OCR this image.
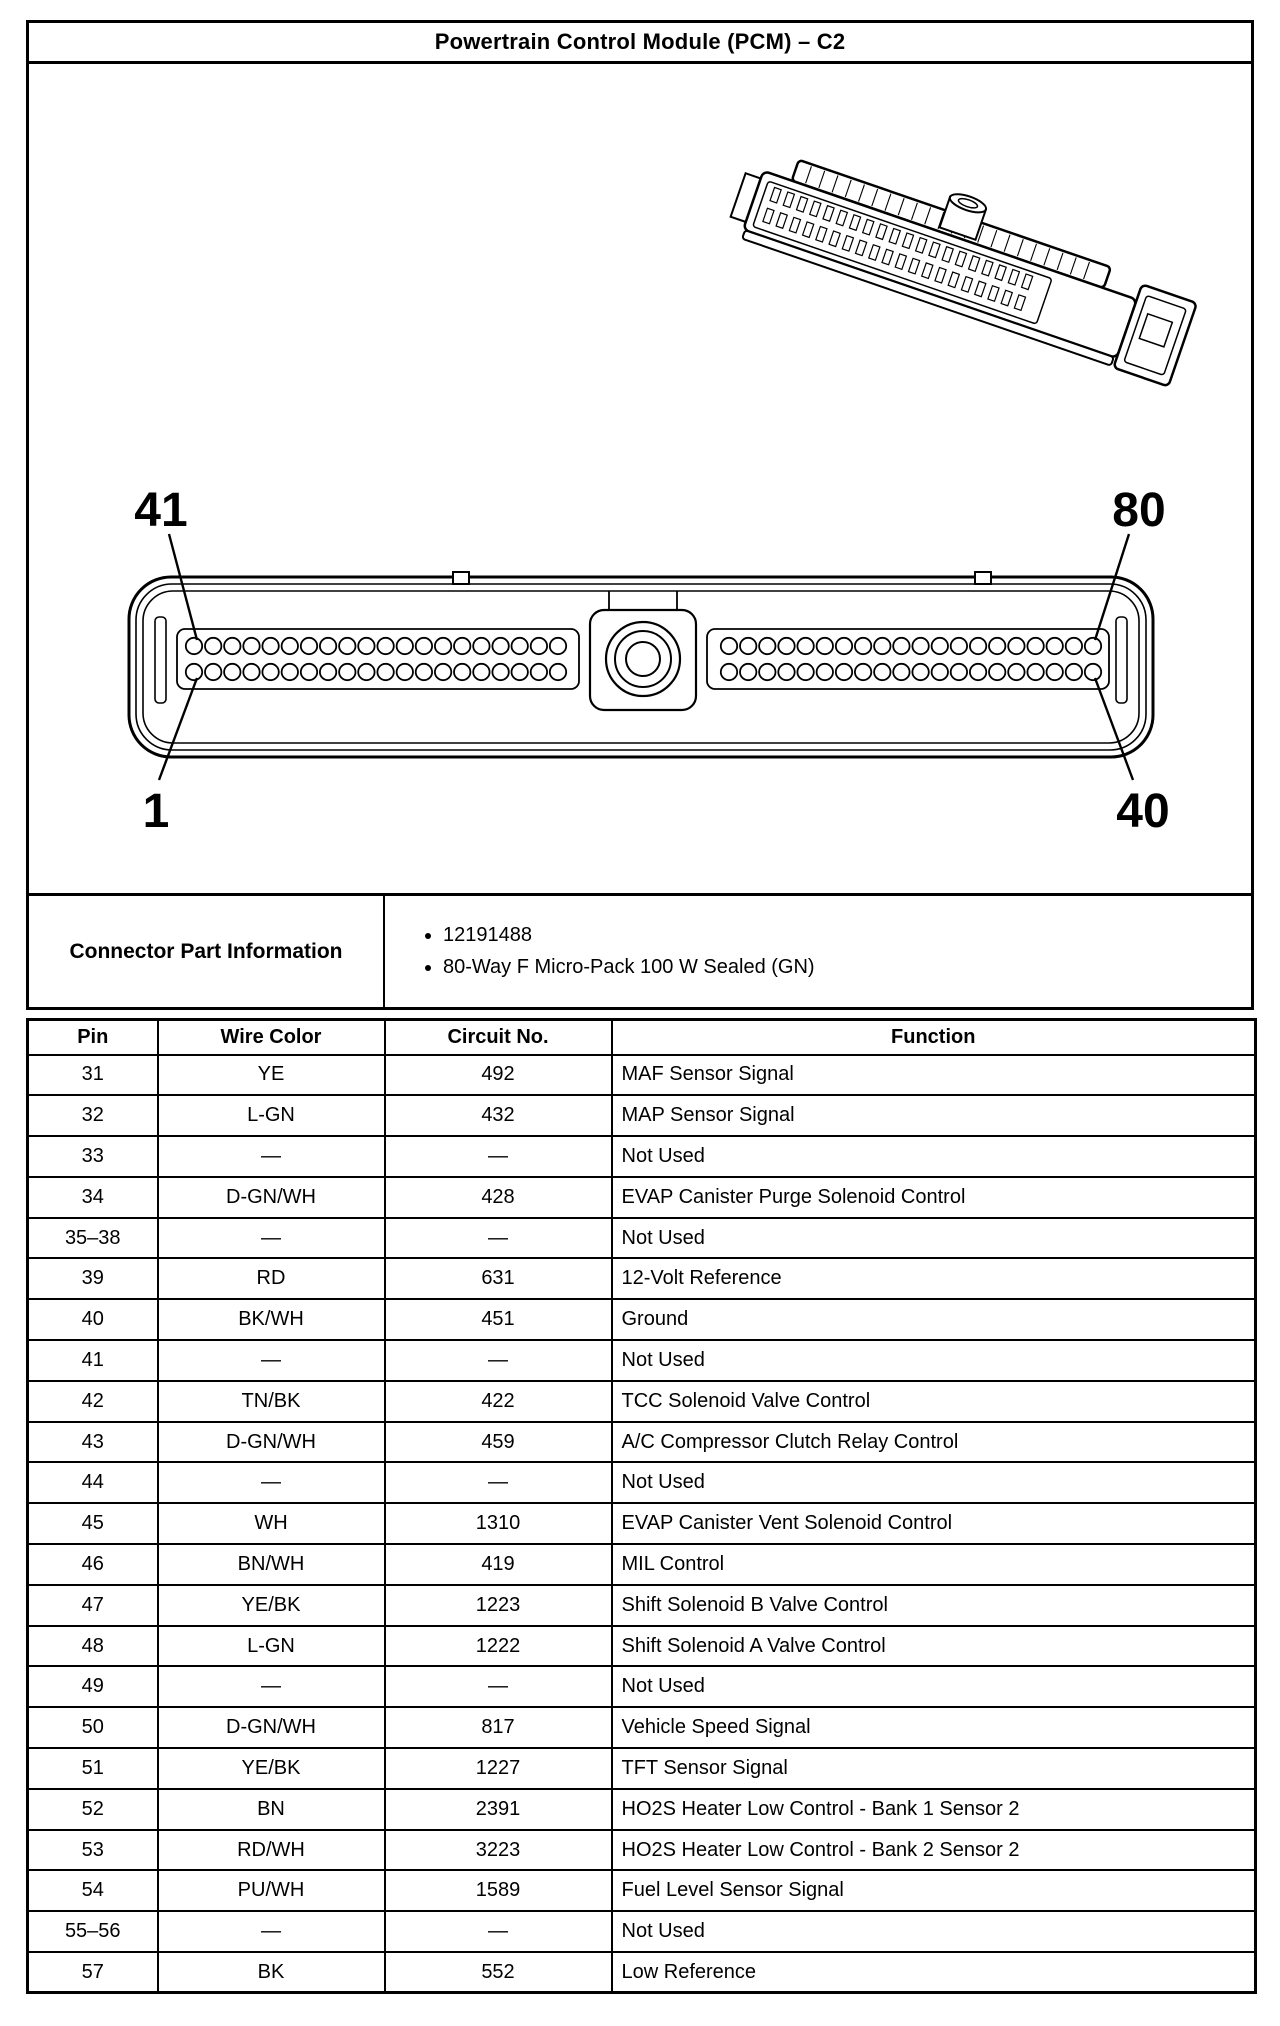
Powertrain Control Module (PCM) – C2
41	80
1	40
Connector Part Information
• 12191488
• 80-Way F Micro-Pack 100 W Sealed (GN)
Pin	Wire Color	Circuit No.	Function
31	YE	492	MAF Sensor Signal
32	L-GN	432	MAP Sensor Signal
33	—	—	Not Used
34	D-GN/WH	428	EVAP Canister Purge Solenoid Control
35–38	—	—	Not Used
39	RD	631	12-Volt Reference
40	BK/WH	451	Ground
41	—	—	Not Used
42	TN/BK	422	TCC Solenoid Valve Control
43	D-GN/WH	459	A/C Compressor Clutch Relay Control
44	—	—	Not Used
45	WH	1310	EVAP Canister Vent Solenoid Control
46	BN/WH	419	MIL Control
47	YE/BK	1223	Shift Solenoid B Valve Control
48	L-GN	1222	Shift Solenoid A Valve Control
49	—	—	Not Used
50	D-GN/WH	817	Vehicle Speed Signal
51	YE/BK	1227	TFT Sensor Signal
52	BN	2391	HO2S Heater Low Control - Bank 1 Sensor 2
53	RD/WH	3223	HO2S Heater Low Control - Bank 2 Sensor 2
54	PU/WH	1589	Fuel Level Sensor Signal
55–56	—	—	Not Used
57	BK	552	Low Reference
